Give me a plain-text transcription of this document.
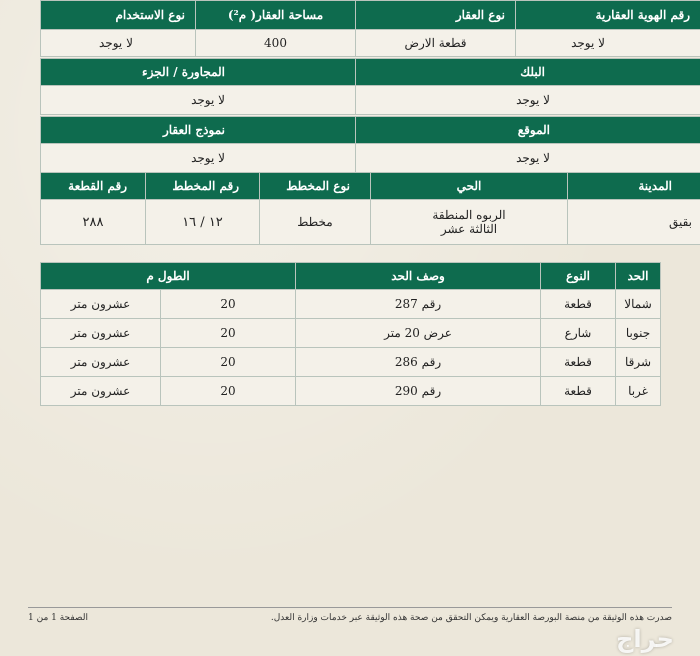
رقم الهوية العقارية	نوع العقار	مساحة العقار( م²)	نوع الاستخدام
لا يوجد	قطعة الارض	400	لا يوجد
البلك	المجاورة / الجزء
لا يوجد	لا يوجد
الموقع	نموذج العقار
لا يوجد	لا يوجد
المدينة	الحي	نوع المخطط	رقم المخطط	رقم القطعة
بقيق	الربوه المنطقة الثالثة عشر	مخطط	١٢ / ١٦	٢٨٨
الحد	النوع	وصف الحد	الطول م	
شمالا	قطعة	رقم 287	20	عشرون متر
جنوبا	شارع	عرض 20 متر	20	عشرون متر
شرقا	قطعة	رقم 286	20	عشرون متر
غربا	قطعة	رقم 290	20	عشرون متر
صدرت هذه الوثيقة من منصة البورصة العقارية ويمكن التحقق من صحة هذه الوثيقة عبر خدمات وزارة العدل.
الصفحة 1 من 1
حراج
